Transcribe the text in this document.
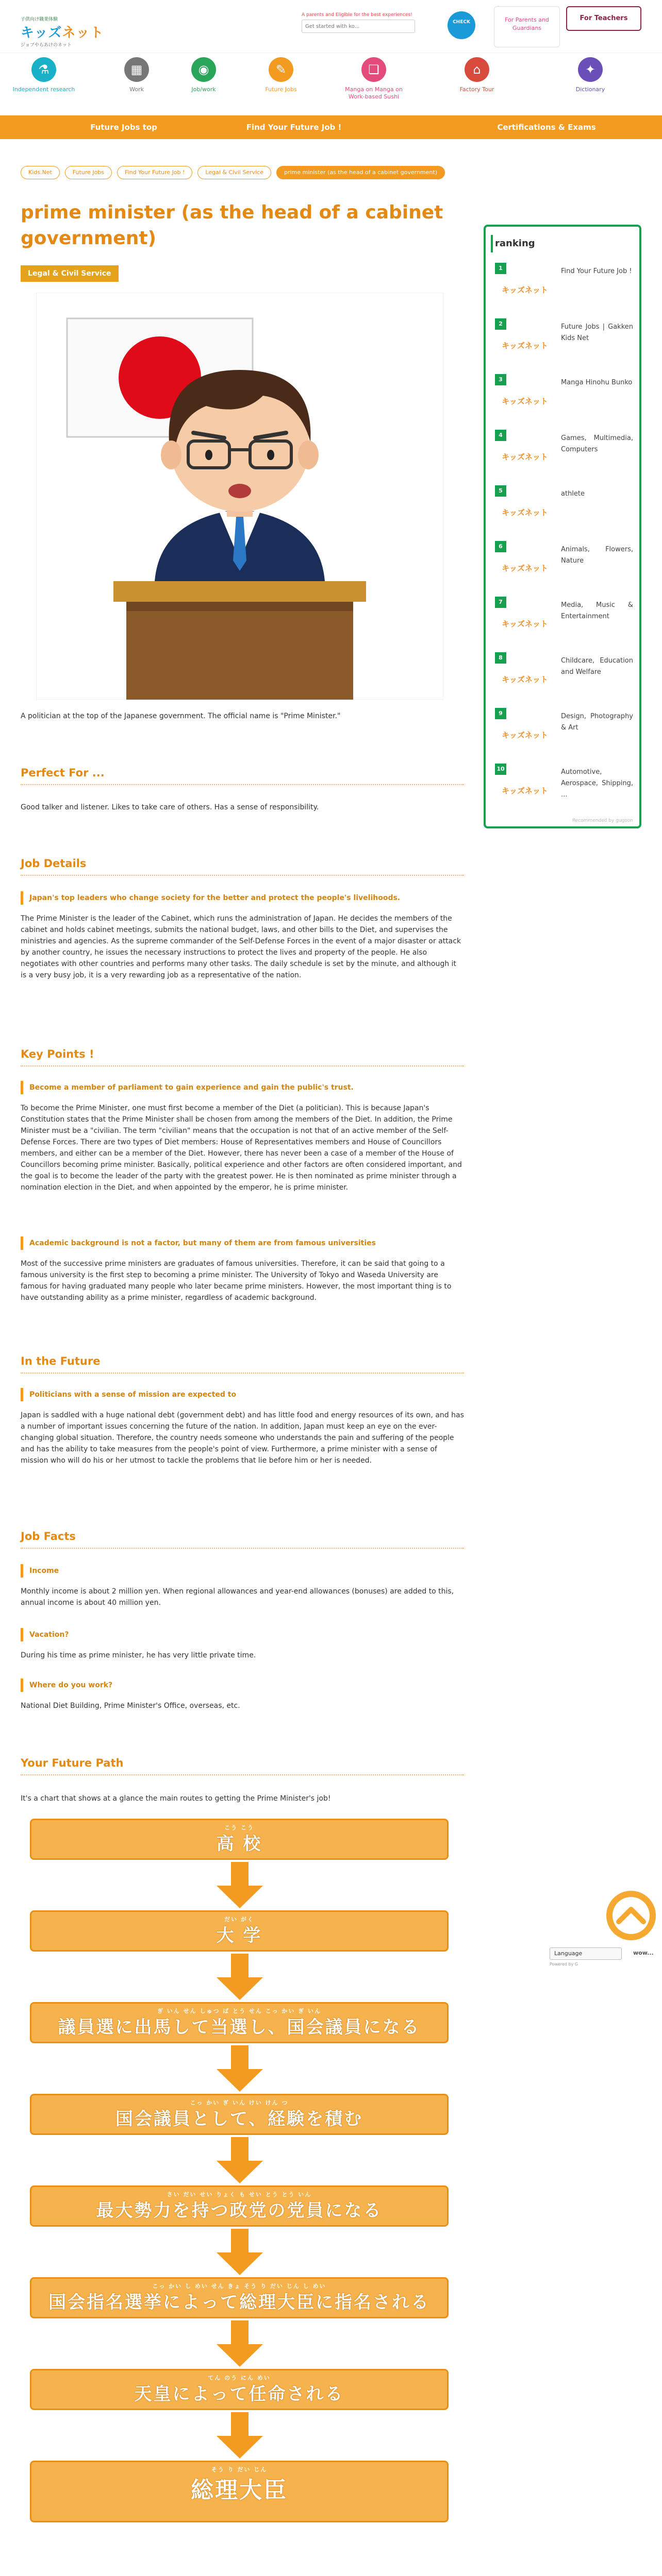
子供向け職業体験
キッズネット
ジョブやらあけのネット
A parents and Eligible for the best experiences!
Get started with ko...
CHECK	For Parents and Guardians
For Teachers
⚗
Independent research
▦
Work
◉
Job/work
✎
Future Jobs
❏
Manga on Manga on Work-based Sushi
⌂
Factory Tour
✦
Dictionary
Future Jobs top	Find Your Future Job !	Certifications & Exams
Kids.Net	Future Jobs	Find Your Future Job !	Legal & Civil Service	prime minister (as the head of a cabinet government)
prime minister (as the head of a cabinet government)
Legal & Civil Service
A politician at the top of the Japanese government. The official name is "Prime Minister."
Perfect For ...

Good talker and listener. Likes to take care of others. Has a sense of responsibility.

Job Details
Japan's top leaders who change society for the better and protect the people's livelihoods.

The Prime Minister is the leader of the Cabinet, which runs the administration of Japan. He decides the members of the cabinet and holds cabinet meetings, submits the national budget, laws, and other bills to the Diet, and supervises the ministries and agencies. As the supreme commander of the Self-Defense Forces in the event of a major disaster or attack by another country, he issues the necessary instructions to protect the lives and property of the people. He also negotiates with other countries and performs many other tasks. The daily schedule is set by the minute, and although it is a very busy job, it is a very rewarding job as a representative of the nation.

Key Points !
Become a member of parliament to gain experience and gain the public's trust.

To become the Prime Minister, one must first become a member of the Diet (a politician). This is because Japan's Constitution states that the Prime Minister shall be chosen from among the members of the Diet. In addition, the Prime Minister must be a "civilian. The term "civilian" means that the occupation is not that of an active member of the Self-Defense Forces. There are two types of Diet members: House of Representatives members and House of Councillors members, and either can be a member of the Diet. However, there has never been a case of a member of the House of Councillors becoming prime minister. Basically, political experience and other factors are often considered important, and the goal is to become the leader of the party with the greatest power. He is then nominated as prime minister through a nomination election in the Diet, and when appointed by the emperor, he is prime minister.

Academic background is not a factor, but many of them are from famous universities

Most of the successive prime ministers are graduates of famous universities. Therefore, it can be said that going to a famous university is the first step to becoming a prime minister. The University of Tokyo and Waseda University are famous for having graduated many people who later became prime ministers. However, the most important thing is to have outstanding ability as a prime minister, regardless of academic background.

In the Future
Politicians with a sense of mission are expected to

Japan is saddled with a huge national debt (government debt) and has little food and energy resources of its own, and has a number of important issues concerning the future of the nation. In addition, Japan must keep an eye on the ever-changing global situation. Therefore, the country needs someone who understands the pain and suffering of the people and has the ability to take measures from the people's point of view. Furthermore, a prime minister with a sense of mission who will do his or her utmost to tackle the problems that lie before him or her is needed.

Job Facts
Income

Monthly income is about 2 million yen. When regional allowances and year-end allowances (bonuses) are added to this, annual income is about 40 million yen.

Vacation?

During his time as prime minister, he has very little private time.

Where do you work?

National Diet Building, Prime Minister's Office, overseas, etc.

Your Future Path

It's a chart that shows at a glance the main routes to getting the Prime Minister's job!

こう こう
高 校
だい がく
大 学
ぎ いん せん しゅつ ば とう せん こっ かい ぎ いん
議員選に出馬して当選し、国会議員になる
こっ かい ぎ いん けい けん つ
国会議員として、経験を積む
さい だい せい りょく も せい とう とう いん
最大勢力を持つ政党の党員になる
こっ かい し めい せん きょ そう り だい じん し めい
国会指名選挙によって総理大臣に指名される
てん のう にん めい
天皇によって任命される
そう り だい じん
総理大臣
ranking
Recommended by gugoon
1
キッズネット
Find Your Future Job !
2
キッズネット
Future Jobs | Gakken Kids Net
3
キッズネット
Manga Hinohu Bunko
4
キッズネット
Games, Multimedia, Computers
5
キッズネット
athlete
6
キッズネット
Animals, Flowers, Nature
7
キッズネット
Media, Music & Entertainment
8
キッズネット
Childcare, Education and Welfare
9
キッズネット
Design, Photography & Art
10
キッズネット
Automotive, Aerospace, Shipping, ...
Language
Powered by G
wow...
